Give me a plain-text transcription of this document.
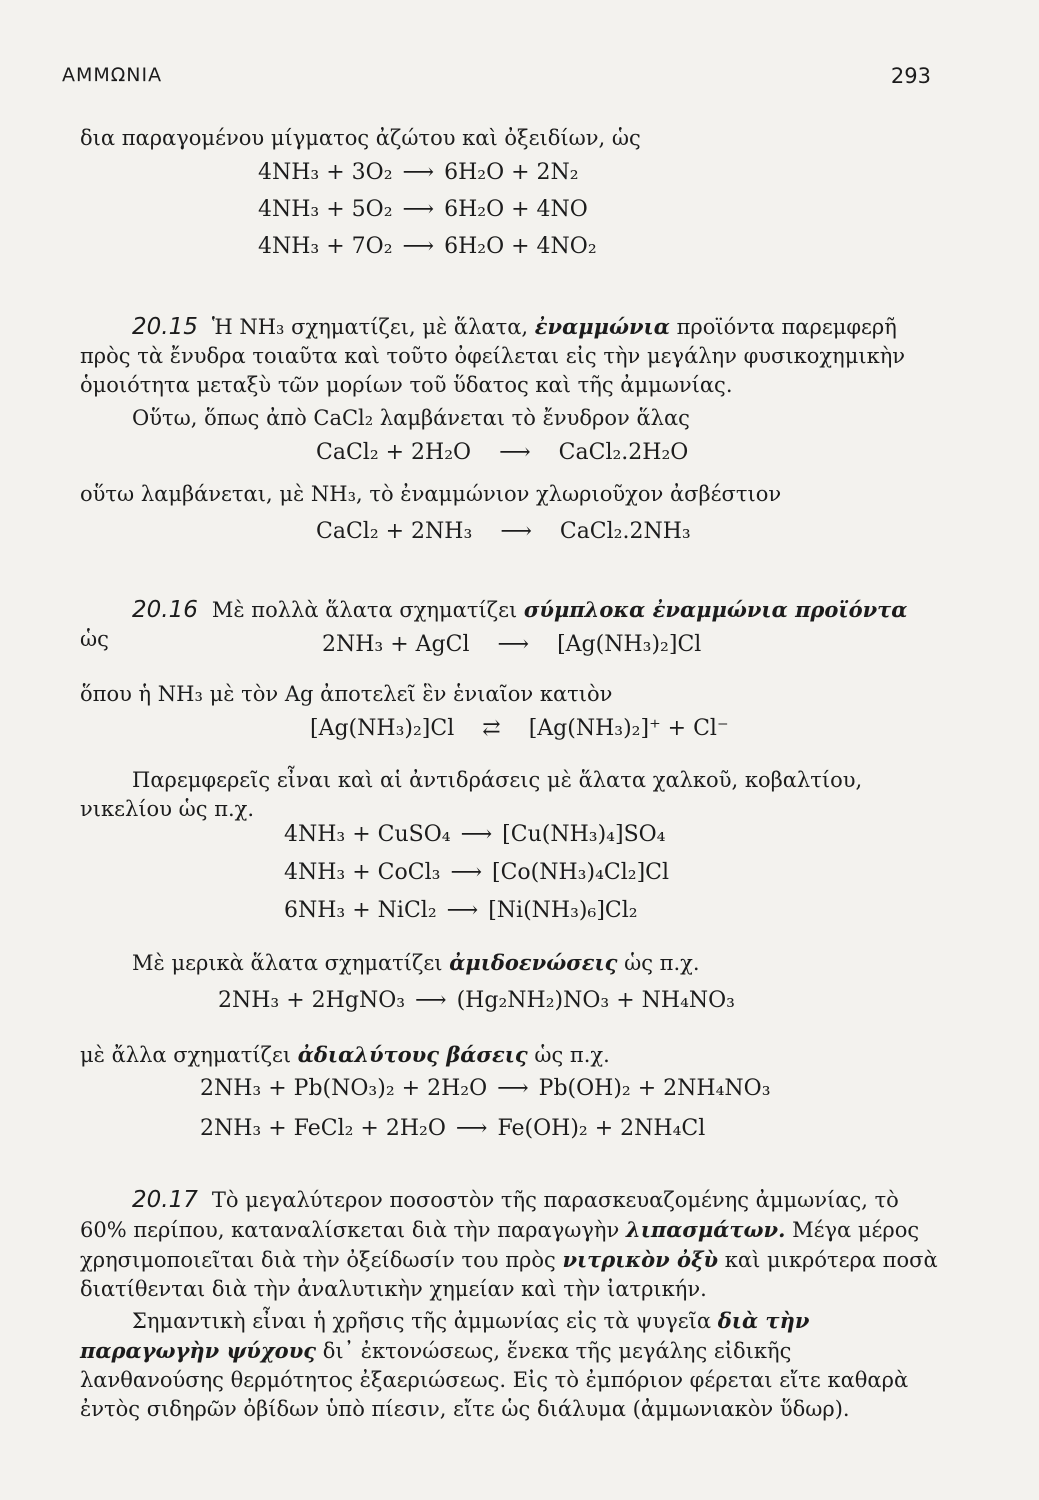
ΑΜΜΩΝΙΑ	293

δια παραγομένου μίγματος ἀζώτου καὶ ὀξειδίων, ὡς

4NH₃ + 3O₂ ⟶ 6H₂O + 2N₂
4NH₃ + 5O₂ ⟶ 6H₂O + 4NO
4NH₃ + 7O₂ ⟶ 6H₂O + 4NO₂

20.15 Ἡ NH₃ σχηματίζει, μὲ ἅλατα, ἐναμμώνια προϊόντα παρεμφερῆ πρὸς τὰ ἔνυδρα τοιαῦτα καὶ τοῦτο ὀφείλεται εἰς τὴν μεγάλην φυσικοχημικὴν ὁμοιότητα μεταξὺ τῶν μορίων τοῦ ὕδατος καὶ τῆς ἀμμωνίας.

Οὕτω, ὅπως ἀπὸ CaCl₂ λαμβάνεται τὸ ἔνυδρον ἅλας

CaCl₂ + 2H₂O ⟶ CaCl₂.2H₂O

οὕτω λαμβάνεται, μὲ NH₃, τὸ ἐναμμώνιον χλωριοῦχον ἀσβέστιον

CaCl₂ + 2NH₃ ⟶ CaCl₂.2NH₃

20.16 Μὲ πολλὰ ἅλατα σχηματίζει σύμπλοκα ἐναμμώνια προϊόντα ὡς	2NH₃ + AgCl ⟶ [Ag(NH₃)₂]Cl

ὅπου ἡ NH₃ μὲ τὸν Ag ἀποτελεῖ ἓν ἑνιαῖον κατιὸν

[Ag(NH₃)₂]Cl ⇄ [Ag(NH₃)₂]⁺ + Cl⁻

Παρεμφερεῖς εἶναι καὶ αἱ ἀντιδράσεις μὲ ἅλατα χαλκοῦ, κοβαλτίου, νικελίου ὡς π.χ.

4NH₃ + CuSO₄ ⟶ [Cu(NH₃)₄]SO₄
4NH₃ + CoCl₃ ⟶ [Co(NH₃)₄Cl₂]Cl
6NH₃ + NiCl₂ ⟶ [Ni(NH₃)₆]Cl₂

Μὲ μερικὰ ἅλατα σχηματίζει ἀμιδοενώσεις ὡς π.χ.

2NH₃ + 2HgNO₃ ⟶ (Hg₂NH₂)NO₃ + NH₄NO₃

μὲ ἄλλα σχηματίζει ἀδιαλύτους βάσεις ὡς π.χ.

2NH₃ + Pb(NO₃)₂ + 2H₂O ⟶ Pb(OH)₂ + 2NH₄NO₃
2NH₃ + FeCl₂ + 2H₂O ⟶ Fe(OH)₂ + 2NH₄Cl

20.17 Τὸ μεγαλύτερον ποσοστὸν τῆς παρασκευαζομένης ἀμμωνίας, τὸ 60% περίπου, καταναλίσκεται διὰ τὴν παραγωγὴν λιπασμάτων. Μέγα μέρος χρησιμοποιεῖται διὰ τὴν ὀξείδωσίν του πρὸς νιτρικὸν ὀξὺ καὶ μικρότερα ποσὰ διατίθενται διὰ τὴν ἀναλυτικὴν χημείαν καὶ τὴν ἰατρικήν.

Σημαντικὴ εἶναι ἡ χρῆσις τῆς ἀμμωνίας εἰς τὰ ψυγεῖα διὰ τὴν παραγωγὴν ψύχους δι᾽ ἐκτονώσεως, ἕνεκα τῆς μεγάλης εἰδικῆς λανθανούσης θερμότητος ἐξαεριώσεως. Εἰς τὸ ἐμπόριον φέρεται εἴτε καθαρὰ ἐντὸς σιδηρῶν ὀβίδων ὑπὸ πίεσιν, εἴτε ὡς διάλυμα (ἀμμωνιακὸν ὕδωρ).
